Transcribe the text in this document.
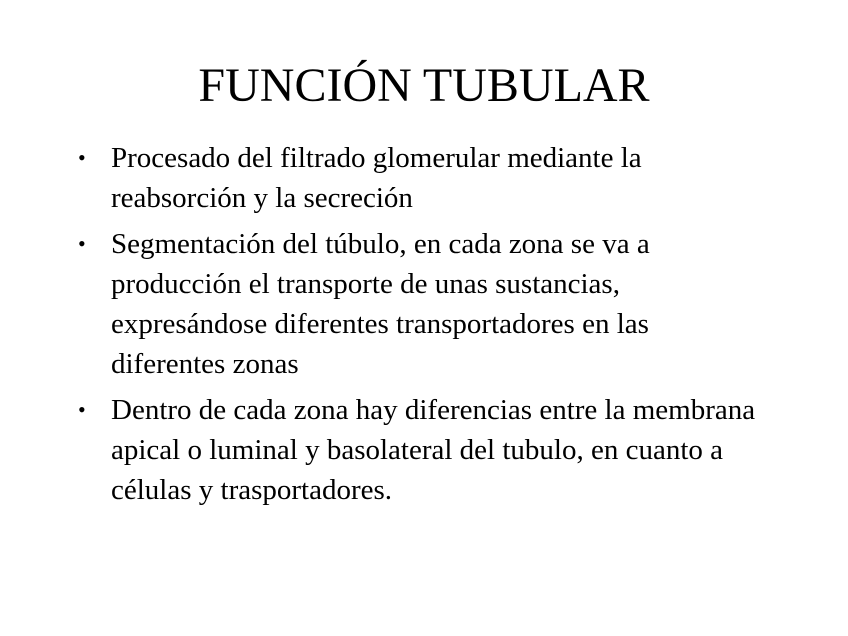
FUNCIÓN TUBULAR
• Procesado del filtrado glomerular mediante la reabsorción y la secreción
• Segmentación del túbulo, en cada zona se va a producción el transporte de unas sustancias, expresándose diferentes transportadores en las diferentes zonas
• Dentro de cada zona hay diferencias entre la membrana apical o luminal y basolateral del tubulo, en cuanto a células y trasportadores.
